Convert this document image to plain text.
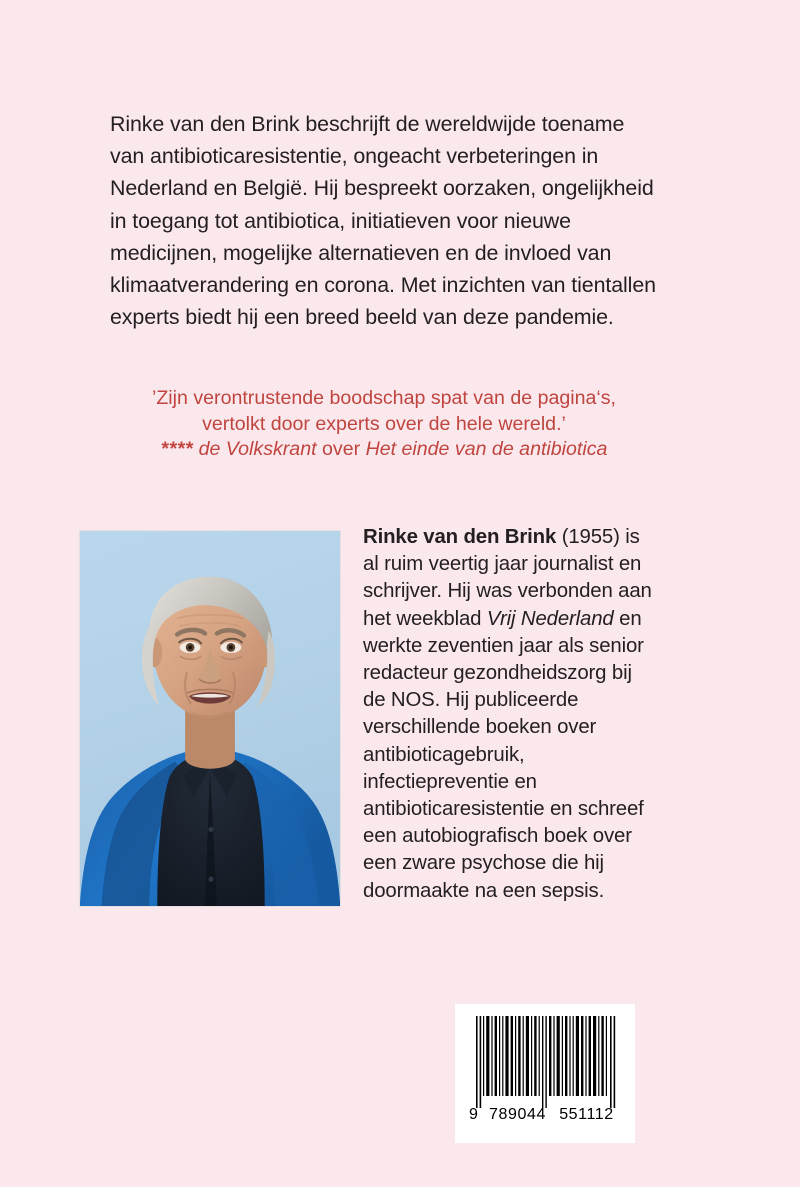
Rinke van den Brink beschrijft de wereldwijde toename van antibioticaresistentie, ongeacht verbeteringen in Nederland en België. Hij bespreekt oorzaken, ongelijkheid in toegang tot antibiotica, initiatieven voor nieuwe medicijnen, mogelijke alternatieven en de invloed van klimaatverandering en corona. Met inzichten van tientallen experts biedt hij een breed beeld van deze pandemie.
’Zijn verontrustende boodschap spat van de pagina‘s,
vertolkt door experts over de hele wereld.’
**** de Volkskrant over Het einde van de antibiotica
Rinke van den Brink (1955) is al ruim veertig jaar journalist en schrijver. Hij was verbonden aan het weekblad Vrij Nederland en werkte zeventien jaar als senior redacteur gezondheidszorg bij de NOS. Hij publiceerde verschillende boeken over antibioticagebruik, infectiepreventie en antibioticaresistentie en schreef een autobiografisch boek over een zware psychose die hij doormaakte na een sepsis.
9 789044 551112
